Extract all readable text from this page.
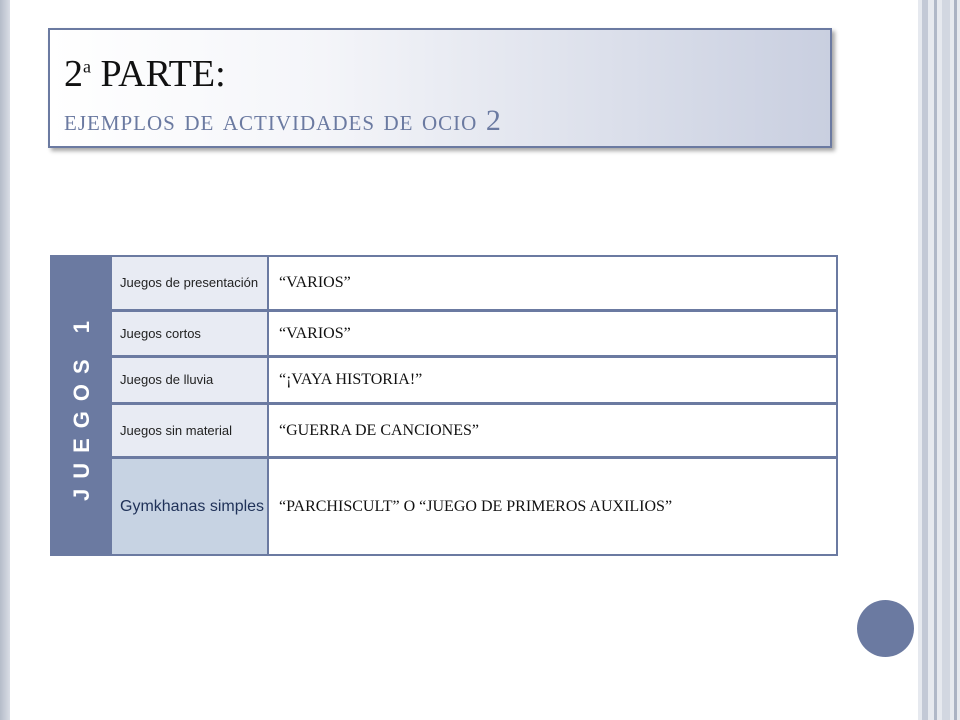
2$^a$ PARTE:
ejemplos de actividades de ocio 2
JUEGOS 1
Juegos de presentación	“VARIOS”
Juegos cortos	“VARIOS”
Juegos de lluvia	“¡VAYA HISTORIA!”
Juegos sin material	“GUERRA DE CANCIONES”
Gymkhanas simples “PARCHISCULT” O “JUEGO DE PRIMEROS AUXILIOS”
